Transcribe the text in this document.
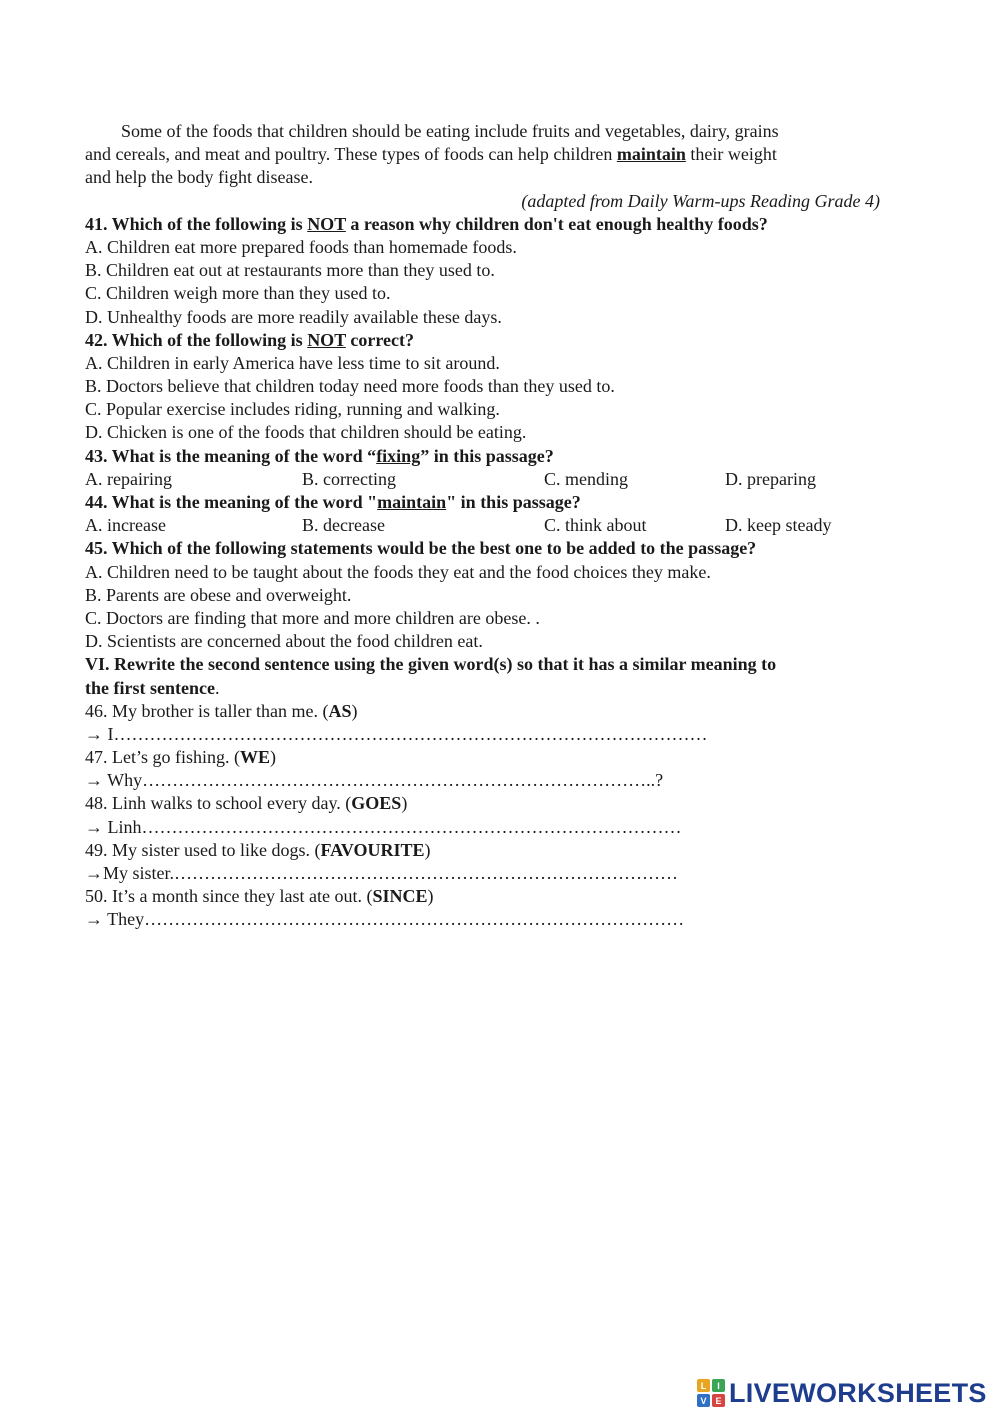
Some of the foods that children should be eating include fruits and vegetables, dairy, grains
and cereals, and meat and poultry. These types of foods can help children maintain their weight
and help the body fight disease.
(adapted from Daily Warm-ups Reading Grade 4)
41. Which of the following is NOT a reason why children don't eat enough healthy foods?
A. Children eat more prepared foods than homemade foods.
B. Children eat out at restaurants more than they used to.
C. Children weigh more than they used to.
D. Unhealthy foods are more readily available these days.
42. Which of the following is NOT correct?
A. Children in early America have less time to sit around.
B. Doctors believe that children today need more foods than they used to.
C. Popular exercise includes riding, running and walking.
D. Chicken is one of the foods that children should be eating.
43. What is the meaning of the word “fixing” in this passage?
A. repairing	B. correcting	C. mending	D. preparing
44. What is the meaning of the word "maintain" in this passage?
A. increase	B. decrease	C. think about	D. keep steady
45. Which of the following statements would be the best one to be added to the passage?
A. Children need to be taught about the foods they eat and the food choices they make.
B. Parents are obese and overweight.
C. Doctors are finding that more and more children are obese. .
D. Scientists are concerned about the food children eat.
VI. Rewrite the second sentence using the given word(s) so that it has a similar meaning to
the first sentence.
46. My brother is taller than me. (AS)
→ I………………………………………………………………………………………
47. Let’s go fishing. (WE)
→ Why…………………………………………………………………………..?
48. Linh walks to school every day. (GOES)
→ Linh………………………………………………………………………………
49. My sister used to like dogs. (FAVOURITE)
→My sister.…………………………………………………………………………
50. It’s a month since they last ate out. (SINCE)
→ They………………………………………………………………………………
L	I
V E LIVEWORKSHEETS
